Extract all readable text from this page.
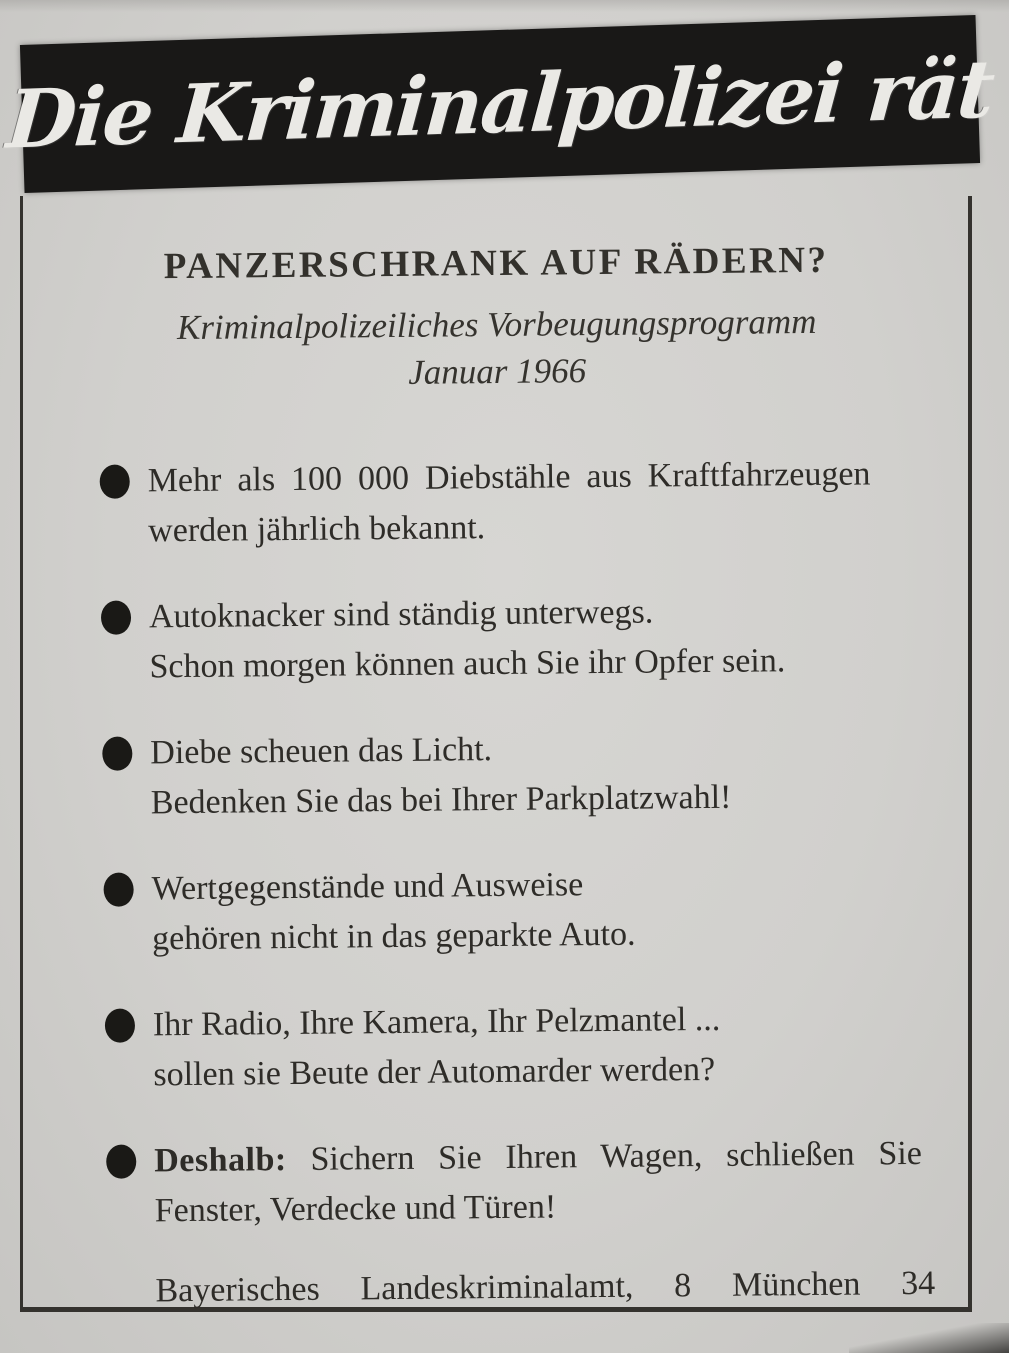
Die Kriminalpolizei rät
PANZERSCHRANK AUF RÄDERN?

Kriminalpolizeiliches Vorbeugungsprogramm

Januar 1966

Mehr als 100 000 Diebstähle aus Kraftfahrzeugen
werden jährlich bekannt.
Autoknacker sind ständig unterwegs.
Schon morgen können auch Sie ihr Opfer sein.
Diebe scheuen das Licht.
Bedenken Sie das bei Ihrer Parkplatzwahl!
Wertgegenstände und Ausweise
gehören nicht in das geparkte Auto.
Ihr Radio, Ihre Kamera, Ihr Pelzmantel ...
sollen sie Beute der Automarder werden?
Deshalb: Sichern Sie Ihren Wagen, schließen Sie
Fenster, Verdecke und Türen!
Bayerisches Landeskriminalamt, 8 München 34
